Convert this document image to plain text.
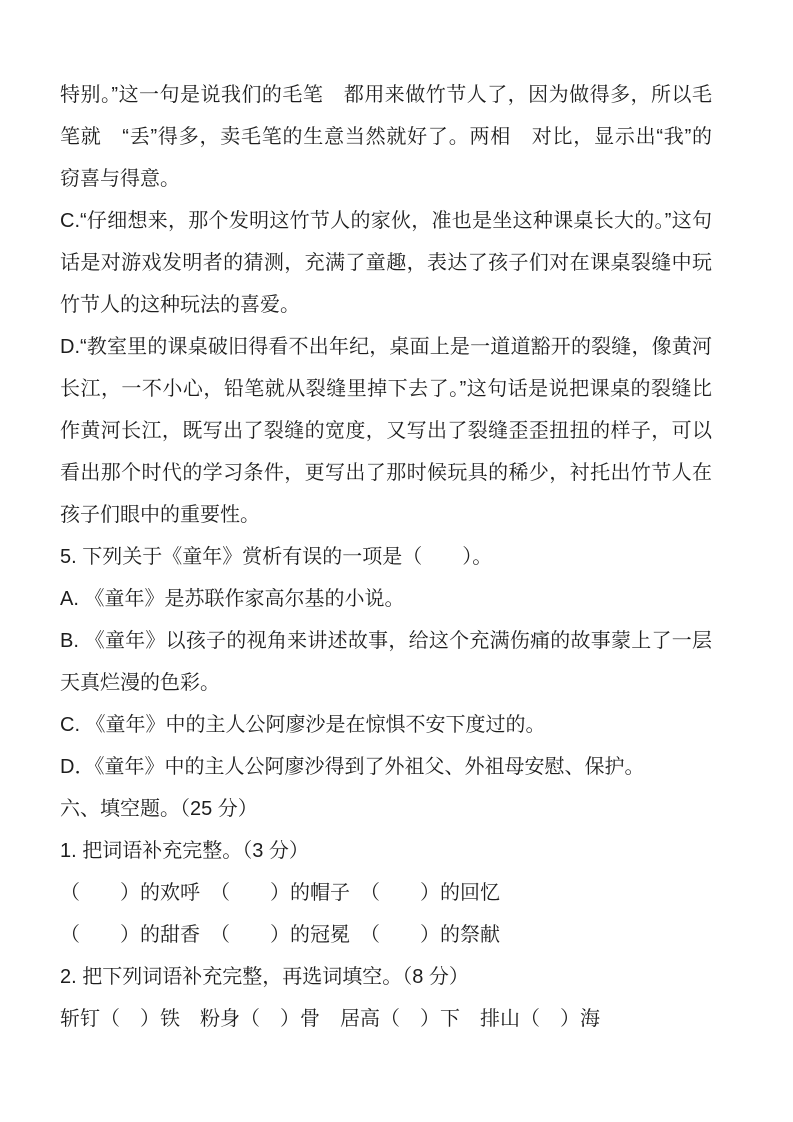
特别。”这一句是说我们的毛笔　都用来做竹节人了，因为做得多，所以毛笔就　“丢”得多，卖毛笔的生意当然就好了。两相　对比，显示出“我”的　窃喜与得意。

C.“仔细想来，那个发明这竹节人的家伙，准也是坐这种课桌长大的。”这句话是对游戏发明者的猜测，充满了童趣，表达了孩子们对在课桌裂缝中玩竹节人的这种玩法的喜爱。

D.“教室里的课桌破旧得看不出年纪，桌面上是一道道豁开的裂缝，像黄河长江，一不小心，铅笔就从裂缝里掉下去了。”这句话是说把课桌的裂缝比作黄河长江，既写出了裂缝的宽度，又写出了裂缝歪歪扭扭的样子，可以看出那个时代的学习条件，更写出了那时候玩具的稀少，衬托出竹节人在孩子们眼中的重要性。

5. 下列关于《童年》赏析有误的一项是（　　）。

A. 《童年》是苏联作家高尔基的小说。

B. 《童年》以孩子的视角来讲述故事，给这个充满伤痛的故事蒙上了一层天真烂漫的色彩。

C. 《童年》中的主人公阿廖沙是在惊惧不安下度过的。

D．《童年》中的主人公阿廖沙得到了外祖父、外祖母安慰、保护。

六、填空题。（25 分）

1. 把词语补充完整。（3 分）

（　　）的欢呼　（　　）的帽子　（　　）的回忆

（　　）的甜香　（　　）的冠冕　（　　）的祭献

2. 把下列词语补充完整，再选词填空。（8 分）

斩钉（　）铁　粉身（　）骨　居高（　）下　排山（　）海
